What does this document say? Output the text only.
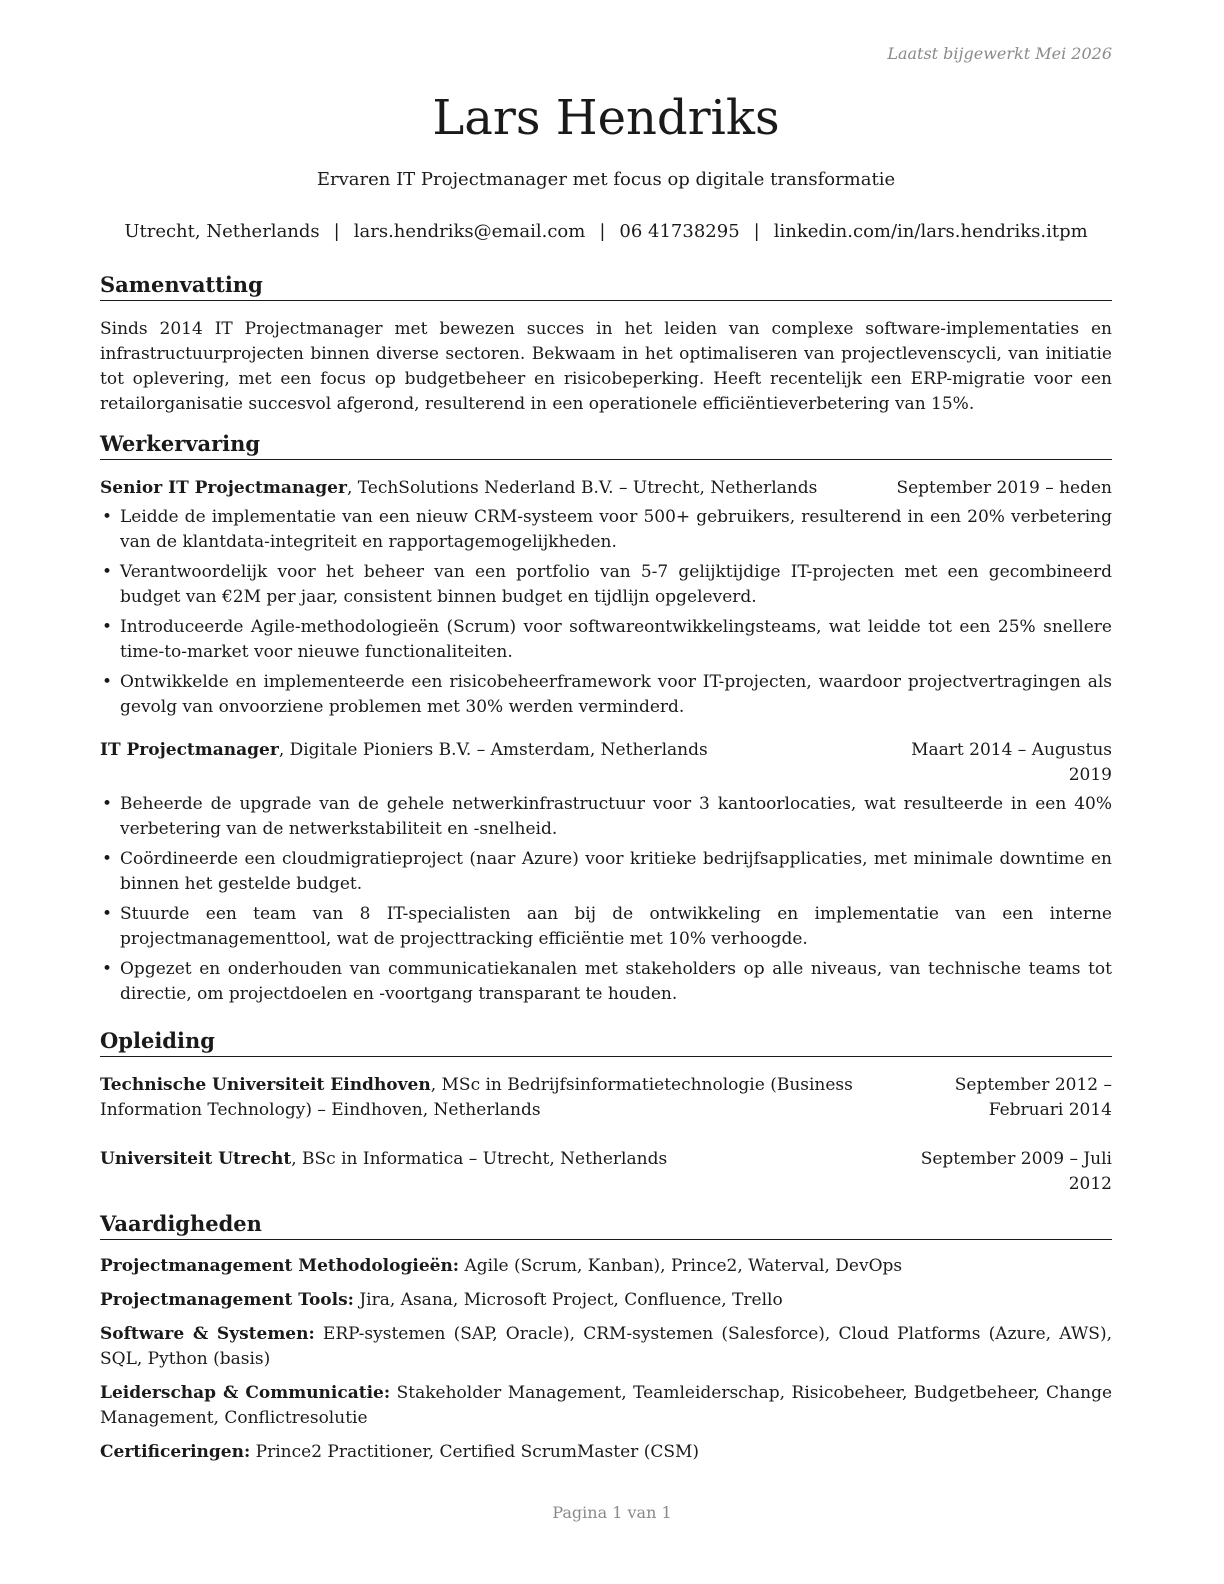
Laatst bijgewerkt Mei 2026
Lars Hendriks
Ervaren IT Projectmanager met focus op digitale transformatie
Utrecht, Netherlands | lars.hendriks@email.com | 06 41738295 | linkedin.com/in/lars.hendriks.itpm
Samenvatting

Sinds 2014 IT Projectmanager met bewezen succes in het leiden van complexe software-implementaties en infrastructuurprojecten binnen diverse sectoren. Bekwaam in het optimaliseren van projectlevenscycli, van initiatie tot oplevering, met een focus op budgetbeheer en risicobeperking. Heeft recentelijk een ERP-migratie voor een retailorganisatie succesvol afgerond, resulterend in een operationele efficiëntieverbetering van 15%.

Werkervaring
Senior IT Projectmanager, TechSolutions Nederland B.V. – Utrecht, Netherlands	September 2019 – heden
• Leidde de implementatie van een nieuw CRM-systeem voor 500+ gebruikers, resulterend in een 20% verbetering van de klantdata-integriteit en rapportagemogelijkheden.
• Verantwoordelijk voor het beheer van een portfolio van 5-7 gelijktijdige IT-projecten met een gecombineerd budget van €2M per jaar, consistent binnen budget en tijdlijn opgeleverd.
• Introduceerde Agile-methodologieën (Scrum) voor softwareontwikkelingsteams, wat leidde tot een 25% snellere time-to-market voor nieuwe functionaliteiten.
• Ontwikkelde en implementeerde een risicobeheerframework voor IT-projecten, waardoor projectvertragingen als gevolg van onvoorziene problemen met 30% werden verminderd.
IT Projectmanager, Digitale Pioniers B.V. – Amsterdam, Netherlands	Maart 2014 – Augustus 2019
• Beheerde de upgrade van de gehele netwerkinfrastructuur voor 3 kantoorlocaties, wat resulteerde in een 40% verbetering van de netwerkstabiliteit en -snelheid.
• Coördineerde een cloudmigratieproject (naar Azure) voor kritieke bedrijfsapplicaties, met minimale downtime en binnen het gestelde budget.
• Stuurde een team van 8 IT-specialisten aan bij de ontwikkeling en implementatie van een interne projectmanagementtool, wat de projecttracking efficiëntie met 10% verhoogde.
• Opgezet en onderhouden van communicatiekanalen met stakeholders op alle niveaus, van technische teams tot directie, om projectdoelen en -voortgang transparant te houden.
Opleiding
Technische Universiteit Eindhoven, MSc in Bedrijfsinformatietechnologie (Business Information Technology) – Eindhoven, Netherlands
September 2012 – Februari 2014
Universiteit Utrecht, BSc in Informatica – Utrecht, Netherlands	September 2009 – Juli 2012
Vaardigheden
Projectmanagement Methodologieën: Agile (Scrum, Kanban), Prince2, Waterval, DevOps
Projectmanagement Tools: Jira, Asana, Microsoft Project, Confluence, Trello
Software & Systemen: ERP-systemen (SAP, Oracle), CRM-systemen (Salesforce), Cloud Platforms (Azure, AWS), SQL, Python (basis)
Leiderschap & Communicatie: Stakeholder Management, Teamleiderschap, Risicobeheer, Budgetbeheer, Change Management, Conflictresolutie
Certificeringen: Prince2 Practitioner, Certified ScrumMaster (CSM)
Pagina 1 van 1
